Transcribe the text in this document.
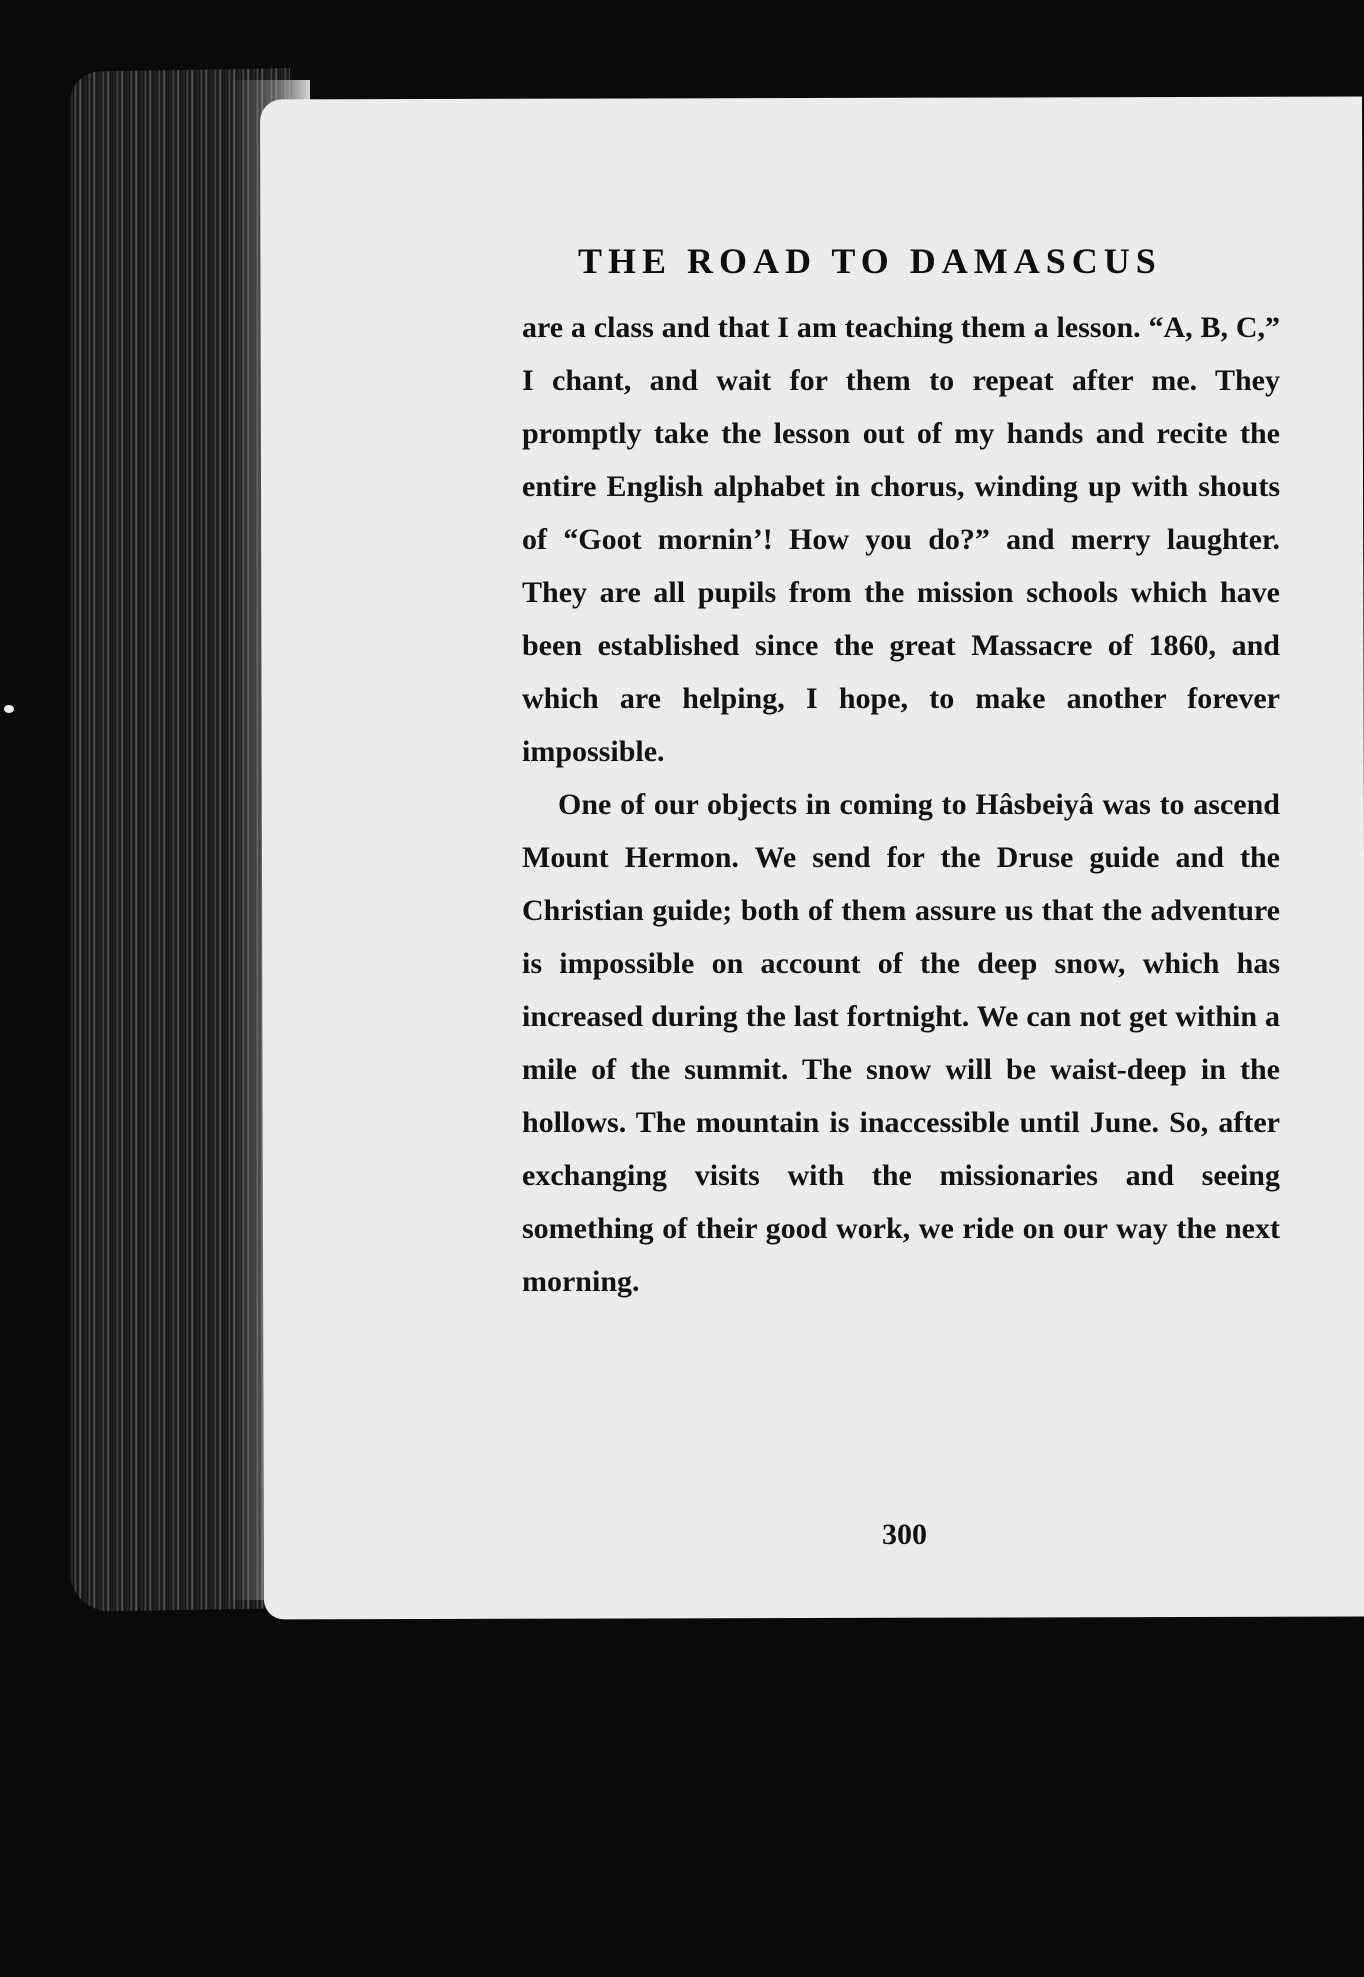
THE ROAD TO DAMASCUS

are a class and that I am teaching them a lesson. “A, B, C,” I chant, and wait for them to repeat after me. They promptly take the lesson out of my hands and recite the entire English alphabet in chorus, winding up with shouts of “Goot mornin’! How you do?” and merry laughter. They are all pupils from the mission schools which have been established since the great Massacre of 1860, and which are helping, I hope, to make another forever impossible.

One of our objects in coming to Hâsbeiyâ was to ascend Mount Hermon. We send for the Druse guide and the Christian guide; both of them assure us that the adventure is impossible on account of the deep snow, which has increased during the last fortnight. We can not get within a mile of the summit. The snow will be waist-deep in the hollows. The mountain is inaccessible until June. So, after exchanging visits with the missionaries and seeing something of their good work, we ride on our way the next morning.

300
